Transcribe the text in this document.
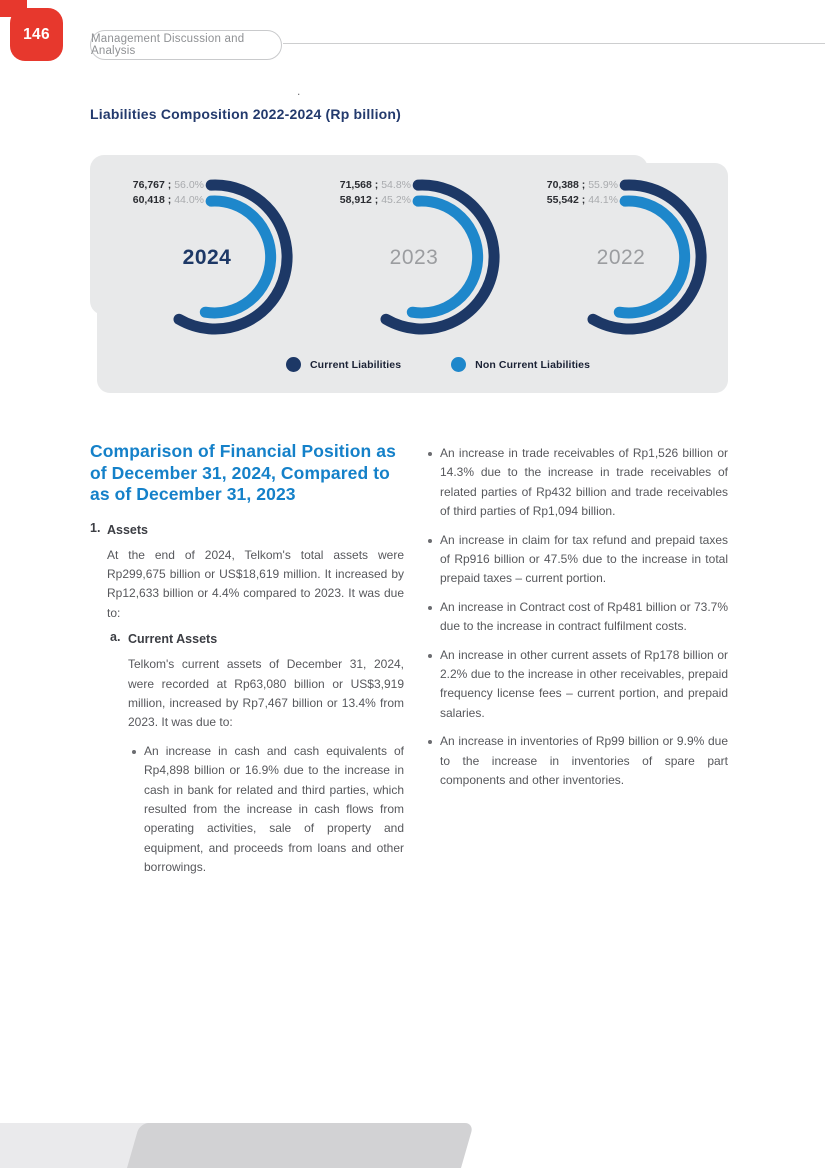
146	Management Discussion and Analysis
.
Liabilities Composition 2022-2024 (Rp billion)
76,767 ; 56.0%
60,418 ; 44.0%
2024
71,568 ; 54.8%
58,912 ; 45.2%
2023
70,388 ; 55.9%
55,542 ; 44.1%
2022
Current Liabilities	Non Current Liabilities
Comparison of Financial Position as of December 31, 2024, Compared to as of December 31, 2023
1. Assets
At the end of 2024, Telkom's total assets were Rp299,675 billion or US$18,619 million. It increased by Rp12,633 billion or 4.4% compared to 2023. It was due to:
a. Current Assets
Telkom's current assets of December 31, 2024, were recorded at Rp63,080 billion or US$3,919 million, increased by Rp7,467 billion or 13.4% from 2023. It was due to:
An increase in cash and cash equivalents of Rp4,898 billion or 16.9% due to the increase in cash in bank for related and third parties, which resulted from the increase in cash flows from operating activities, sale of property and equipment, and proceeds from loans and other borrowings.
An increase in trade receivables of Rp1,526 billion or 14.3% due to the increase in trade receivables of related parties of Rp432 billion and trade receivables of third parties of Rp1,094 billion.
An increase in claim for tax refund and prepaid taxes of Rp916 billion or 47.5% due to the increase in total prepaid taxes – current portion.
An increase in Contract cost of Rp481 billion or 73.7% due to the increase in contract fulfilment costs.
An increase in other current assets of Rp178 billion or 2.2% due to the increase in other receivables, prepaid frequency license fees – current portion, and prepaid salaries.
An increase in inventories of Rp99 billion or 9.9% due to the increase in inventories of spare part components and other inventories.
